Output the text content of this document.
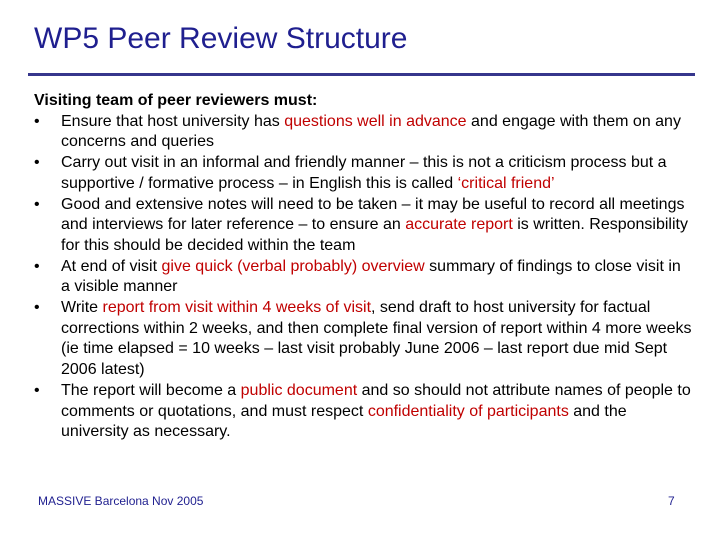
WP5 Peer Review Structure
Visiting team of peer reviewers must:
• Ensure that host university has questions well in advance and engage with them on any concerns and queries
• Carry out visit in an informal and friendly manner – this is not a criticism process but a supportive / formative process – in English this is called ‘critical friend’
• Good and extensive notes will need to be taken – it may be useful to record all meetings and interviews for later reference – to ensure an accurate report is written. Responsibility for this should be decided within the team
• At end of visit give quick (verbal probably) overview summary of findings to close visit in a visible manner
• Write report from visit within 4 weeks of visit, send draft to host university for factual corrections within 2 weeks, and then complete final version of report within 4 more weeks (ie time elapsed = 10 weeks – last visit probably June 2006 – last report due mid Sept 2006 latest)
• The report will become a public document and so should not attribute names of people to comments or quotations, and must respect confidentiality of participants and the university as necessary.
MASSIVE Barcelona Nov 2005	7
